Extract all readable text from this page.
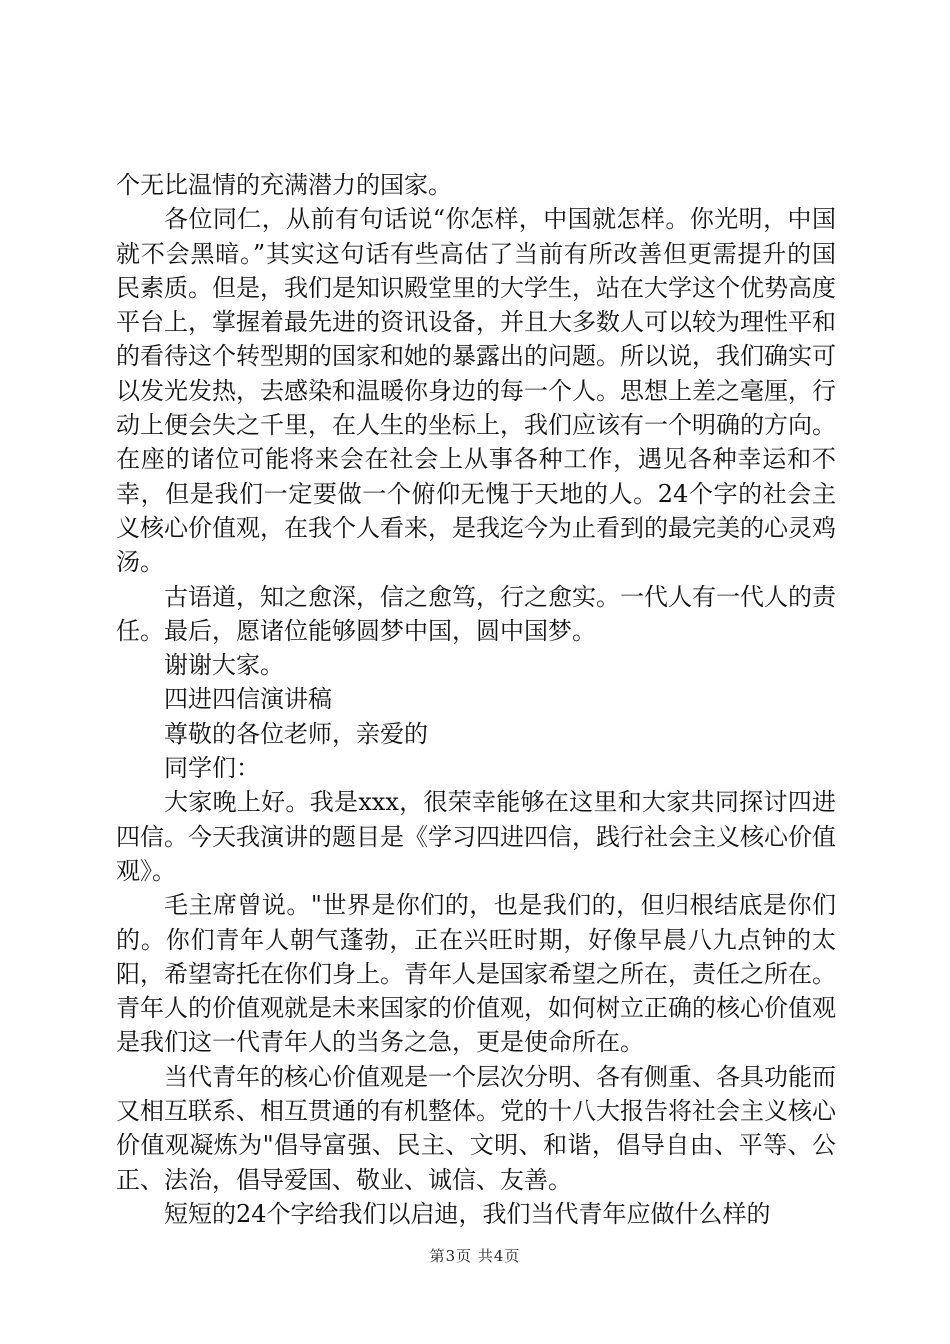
个无比温情的充满潜力的国家。

各位同仁，从前有句话说“你怎样，中国就怎样。你光明，中国就不会黑暗。”其实这句话有些高估了当前有所改善但更需提升的国民素质。但是，我们是知识殿堂里的大学生，站在大学这个优势高度平台上，掌握着最先进的资讯设备，并且大多数人可以较为理性平和的看待这个转型期的国家和她的暴露出的问题。所以说，我们确实可以发光发热，去感染和温暖你身边的每一个人。思想上差之毫厘，行动上便会失之千里，在人生的坐标上，我们应该有一个明确的方向。在座的诸位可能将来会在社会上从事各种工作，遇见各种幸运和不幸，但是我们一定要做一个俯仰无愧于天地的人。24个字的社会主义核心价值观，在我个人看来，是我迄今为止看到的最完美的心灵鸡汤。

古语道，知之愈深，信之愈笃，行之愈实。一代人有一代人的责任。最后，愿诸位能够圆梦中国，圆中国梦。

谢谢大家。

四进四信演讲稿

尊敬的各位老师，亲爱的

同学们：

大家晚上好。我是xxx，很荣幸能够在这里和大家共同探讨四进四信。今天我演讲的题目是《学习四进四信，践行社会主义核心价值观》。

毛主席曾说。"世界是你们的，也是我们的，但归根结底是你们的。你们青年人朝气蓬勃，正在兴旺时期，好像早晨八九点钟的太阳，希望寄托在你们身上。青年人是国家希望之所在，责任之所在。青年人的价值观就是未来国家的价值观，如何树立正确的核心价值观是我们这一代青年人的当务之急，更是使命所在。

当代青年的核心价值观是一个层次分明、各有侧重、各具功能而又相互联系、相互贯通的有机整体。党的十八大报告将社会主义核心价值观凝炼为"倡导富强、民主、文明、和谐，倡导自由、平等、公正、法治，倡导爱国、敬业、诚信、友善。

短短的24个字给我们以启迪，我们当代青年应做什么样的

第3页 共4页
